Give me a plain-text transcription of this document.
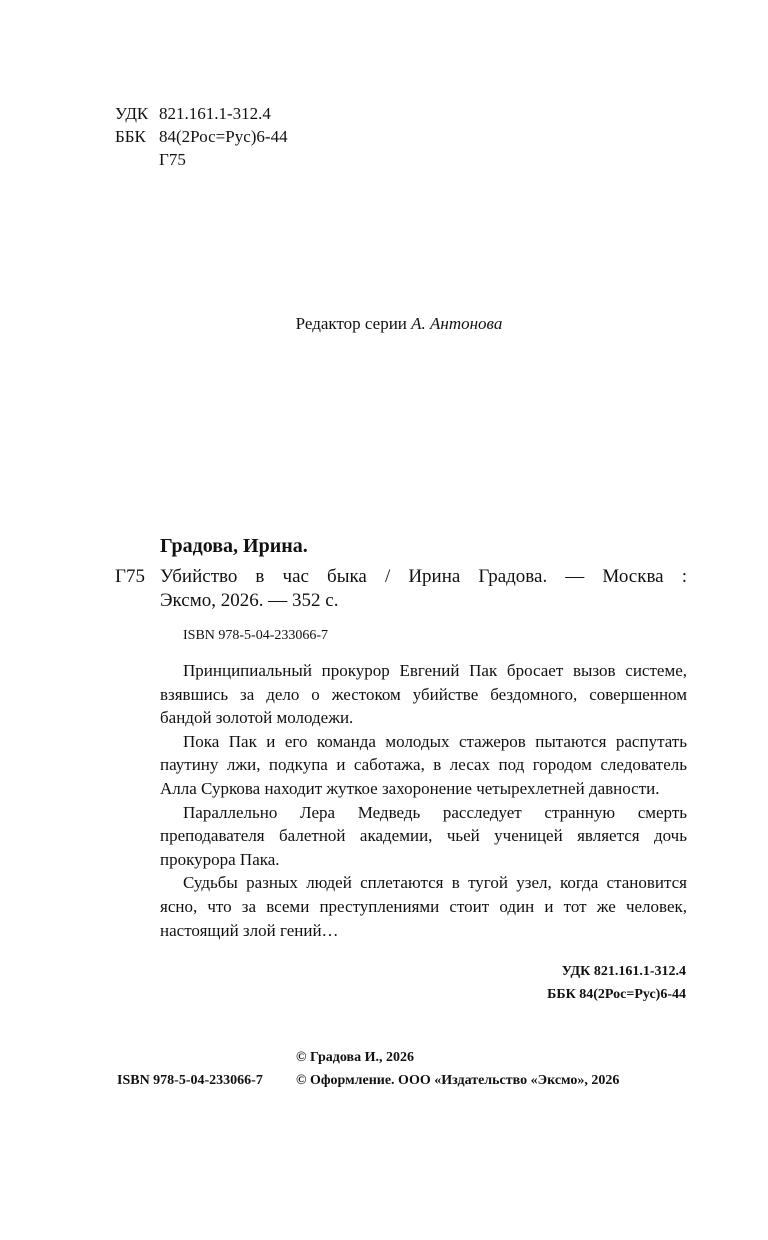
УДК 821.161.1-312.4
ББК 84(2Рос=Рус)6-44
Г75
Редактор серии А. Антонова
Градова, Ирина.
Г75 Убийство в час быка / Ирина Градова. — Москва :
Эксмо, 2026. — 352 с.
ISBN 978-5-04-233066-7

Принципиальный прокурор Евгений Пак бросает вызов системе, взявшись за дело о жестоком убийстве бездомного, совершенном бандой золотой молодежи.

Пока Пак и его команда молодых стажеров пытаются распутать паутину лжи, подкупа и саботажа, в лесах под городом следователь Алла Суркова находит жуткое захоронение четырехлетней давности.

Параллельно Лера Медведь расследует странную смерть преподавателя балетной академии, чьей ученицей является дочь прокурора Пака.

Судьбы разных людей сплетаются в тугой узел, когда становится ясно, что за всеми преступлениями стоит один и тот же человек, настоящий злой гений…

УДК 821.161.1-312.4
ББК 84(2Рос=Рус)6-44
© Градова И., 2026
ISBN 978-5-04-233066-7 © Оформление. ООО «Издательство «Эксмо», 2026
